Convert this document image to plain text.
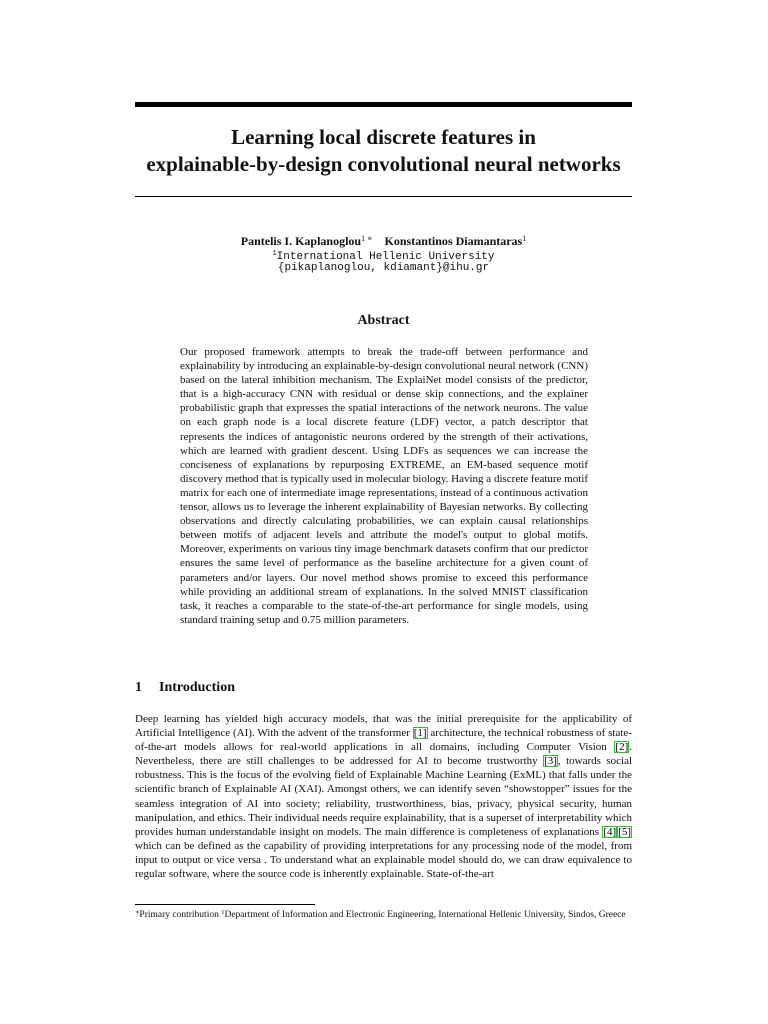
Learning local discrete features in
explainable-by-design convolutional neural networks
Pantelis I. Kaplanoglou$^{1 ∗}$ Konstantinos Diamantaras$^1$
$^1$International Hellenic University
{pikaplanoglou, kdiamant}@ihu.gr
Abstract

Our proposed framework attempts to break the trade-off between performance and explainability by introducing an explainable-by-design convolutional neural network (CNN) based on the lateral inhibition mechanism. The ExplaiNet model consists of the predictor, that is a high-accuracy CNN with residual or dense skip connections, and the explainer probabilistic graph that expresses the spatial interactions of the network neurons. The value on each graph node is a local discrete feature (LDF) vector, a patch descriptor that represents the indices of antagonistic neurons ordered by the strength of their activations, which are learned with gradient descent. Using LDFs as sequences we can increase the conciseness of explanations by repurposing EXTREME, an EM-based sequence motif discovery method that is typically used in molecular biology. Having a discrete feature motif matrix for each one of intermediate image representations, instead of a continuous activation tensor, allows us to leverage the inherent explainability of Bayesian networks. By collecting observations and directly calculating probabilities, we can explain causal relationships between motifs of adjacent levels and attribute the model's output to global motifs. Moreover, experiments on various tiny image benchmark datasets confirm that our predictor ensures the same level of performance as the baseline architecture for a given count of parameters and/or layers. Our novel method shows promise to exceed this performance while providing an additional stream of explanations. In the solved MNIST classification task, it reaches a comparable to the state-of-the-art performance for single models, using standard training setup and 0.75 million parameters.

1 Introduction

Deep learning has yielded high accuracy models, that was the initial prerequisite for the applicability of Artificial Intelligence (AI). With the advent of the transformer [1] architecture, the technical robustness of state-of-the-art models allows for real-world applications in all domains, including Computer Vision [2]. Nevertheless, there are still challenges to be addressed for AI to become trustworthy [3], towards social robustness. This is the focus of the evolving field of Explainable Machine Learning (ExML) that falls under the scientific branch of Explainable AI (XAI). Amongst others, we can identify seven “showstopper” issues for the seamless integration of AI into society; reliability, trustworthiness, bias, privacy, physical security, human manipulation, and ethics. Their individual needs require explainability, that is a superset of interpretability which provides human understandable insight on models. The main difference is completeness of explanations [4] [5] which can be defined as the capability of providing interpretations for any processing node of the model, from input to output or vice versa . To understand what an explainable model should do, we can draw equivalence to regular software, where the source code is inherently explainable. State-of-the-art

∗Primary contribution $^1$Department of Information and Electronic Engineering, International Hellenic University, Sindos, Greece
